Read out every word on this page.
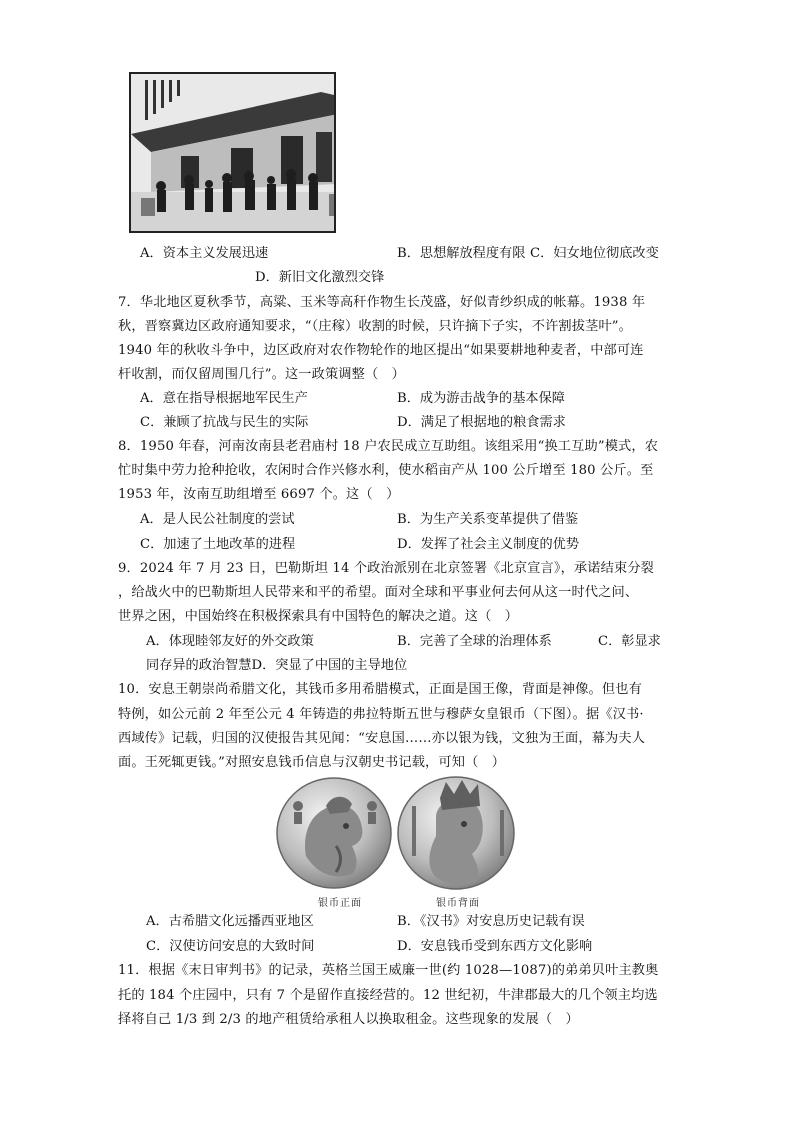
A．资本主义发展迅速	B．思想解放程度有限 C．妇女地位彻底改变
D．新旧文化激烈交锋
7．华北地区夏秋季节，高粱、玉米等高秆作物生长茂盛，好似青纱织成的帐幕。1938 年
秋，晋察冀边区政府通知要求，“（庄稼）收割的时候，只许摘下子实，不许割拔茎叶”。
1940 年的秋收斗争中，边区政府对农作物轮作的地区提出“如果要耕地种麦者，中部可连
杆收割，而仅留周围几行”。这一政策调整（　）
A．意在指导根据地军民生产	B．成为游击战争的基本保障
C．兼顾了抗战与民生的实际	D．满足了根据地的粮食需求
8．1950 年春，河南汝南县老君庙村 18 户农民成立互助组。该组采用“换工互助”模式，农
忙时集中劳力抢种抢收，农闲时合作兴修水利，使水稻亩产从 100 公斤增至 180 公斤。至
1953 年，汝南互助组增至 6697 个。这（　）
A．是人民公社制度的尝试	B．为生产关系变革提供了借鉴
C．加速了土地改革的进程	D．发挥了社会主义制度的优势
9．2024 年 7 月 23 日，巴勒斯坦 14 个政治派别在北京签署《北京宣言》，承诺结束分裂
，给战火中的巴勒斯坦人民带来和平的希望。面对全球和平事业何去何从这一时代之问、
世界之困，中国始终在积极探索具有中国特色的解决之道。这（　）
A．体现睦邻友好的外交政策	B．完善了全球的治理体系	C．彰显求
同存异的政治智慧D．突显了中国的主导地位
10．安息王朝崇尚希腊文化，其钱币多用希腊模式，正面是国王像，背面是神像。但也有
特例，如公元前 2 年至公元 4 年铸造的弗拉特斯五世与穆萨女皇银币（下图）。据《汉书·
西域传》记载，归国的汉使报告其见闻：“安息国……亦以银为钱，文独为王面，幕为夫人
面。王死辄更钱。”对照安息钱币信息与汉朝史书记载，可知（　）
银币正面	银币背面
A．古希腊文化远播西亚地区	B．《汉书》对安息历史记载有误
C．汉使访问安息的大致时间	D．安息钱币受到东西方文化影响
11．根据《末日审判书》的记录，英格兰国王威廉一世(约 1028—1087)的弟弟贝叶主教奥
托的 184 个庄园中，只有 7 个是留作直接经营的。12 世纪初，牛津郡最大的几个领主均选
择将自己 1/3 到 2/3 的地产租赁给承租人以换取租金。这些现象的发展（　）
